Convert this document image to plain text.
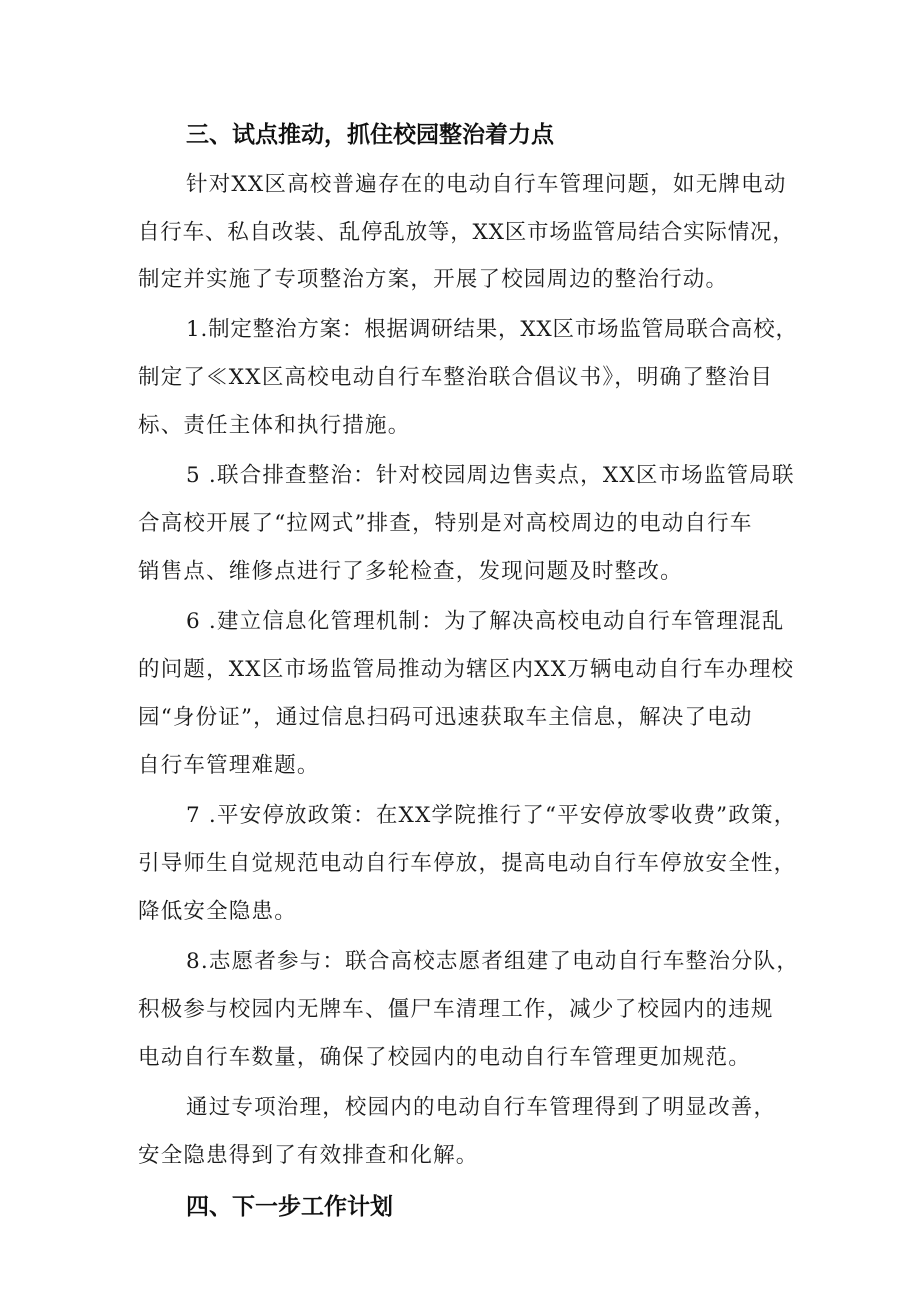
三、试点推动，抓住校园整治着力点
针对XX区高校普遍存在的电动自行车管理问题，如无牌电动
自行车、私自改装、乱停乱放等，XX区市场监管局结合实际情况，
制定并实施了专项整治方案，开展了校园周边的整治行动。
1.制定整治方案：根据调研结果，XX区市场监管局联合高校，
制定了≪XX区高校电动自行车整治联合倡议书》，明确了整治目
标、责任主体和执行措施。
5 .联合排查整治：针对校园周边售卖点，XX区市场监管局联
合高校开展了“拉网式”排查，特别是对高校周边的电动自行车
销售点、维修点进行了多轮检查，发现问题及时整改。
6 .建立信息化管理机制：为了解决高校电动自行车管理混乱
的问题，XX区市场监管局推动为辖区内XX万辆电动自行车办理校
园“身份证”，通过信息扫码可迅速获取车主信息，解决了电动
自行车管理难题。
7 .平安停放政策：在XX学院推行了“平安停放零收费”政策，
引导师生自觉规范电动自行车停放，提高电动自行车停放安全性，
降低安全隐患。
8.志愿者参与：联合高校志愿者组建了电动自行车整治分队，
积极参与校园内无牌车、僵尸车清理工作，减少了校园内的违规
电动自行车数量，确保了校园内的电动自行车管理更加规范。
通过专项治理，校园内的电动自行车管理得到了明显改善，
安全隐患得到了有效排查和化解。
四、下一步工作计划
